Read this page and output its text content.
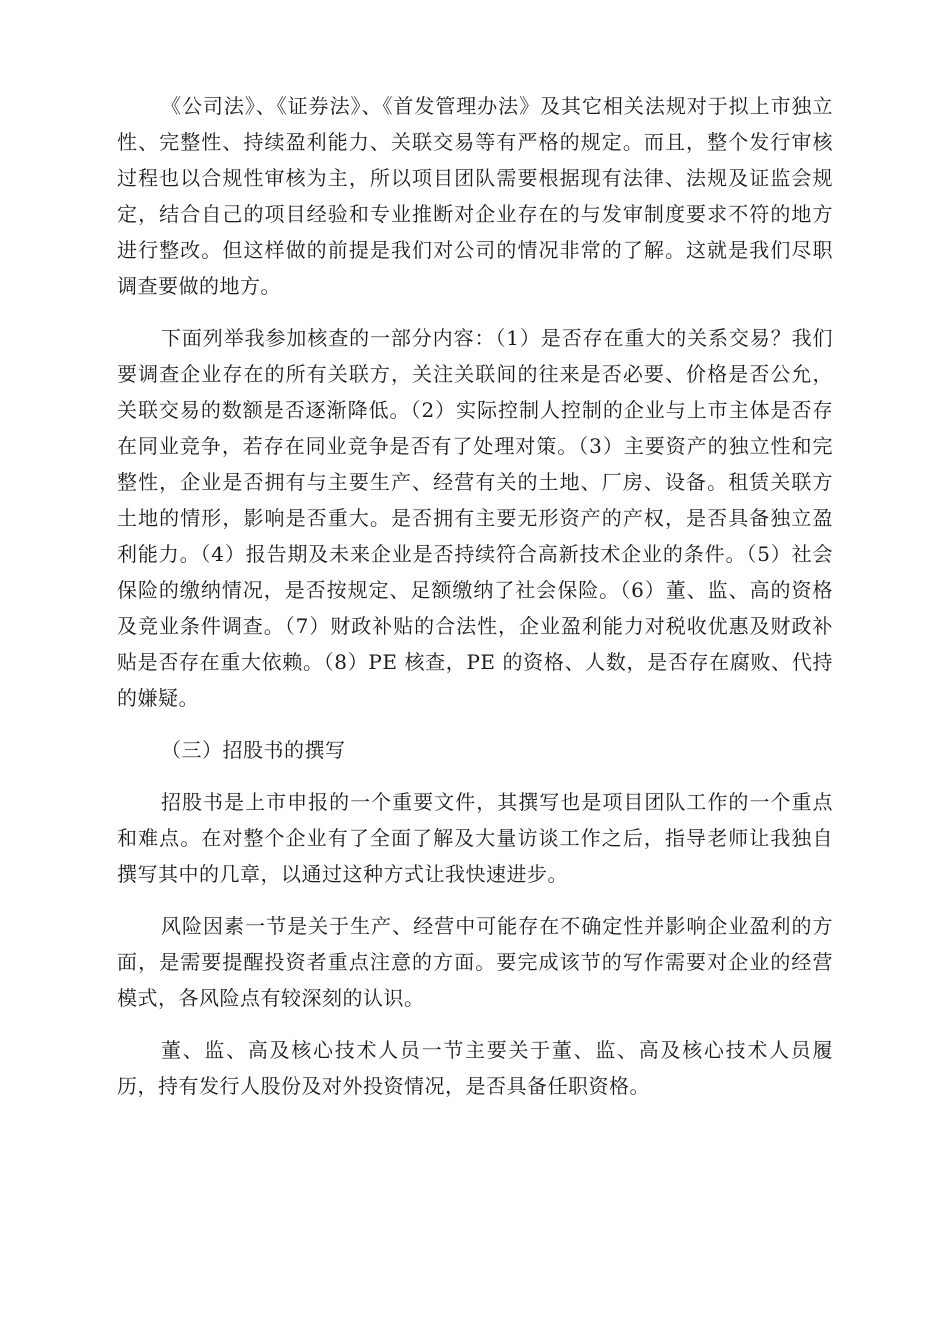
《公司法》、《证券法》、《首发管理办法》及其它相关法规对于拟上市独立性、完整性、持续盈利能力、关联交易等有严格的规定。而且，整个发行审核过程也以合规性审核为主，所以项目团队需要根据现有法律、法规及证监会规定，结合自己的项目经验和专业推断对企业存在的与发审制度要求不符的地方进行整改。但这样做的前提是我们对公司的情况非常的了解。这就是我们尽职调查要做的地方。

下面列举我参加核查的一部分内容：（1）是否存在重大的关系交易？我们要调查企业存在的所有关联方，关注关联间的往来是否必要、价格是否公允，关联交易的数额是否逐渐降低。（2）实际控制人控制的企业与上市主体是否存在同业竞争，若存在同业竞争是否有了处理对策。（3）主要资产的独立性和完整性，企业是否拥有与主要生产、经营有关的土地、厂房、设备。租赁关联方土地的情形，影响是否重大。是否拥有主要无形资产的产权，是否具备独立盈利能力。（4）报告期及未来企业是否持续符合高新技术企业的条件。（5）社会保险的缴纳情况，是否按规定、足额缴纳了社会保险。（6）董、监、高的资格及竞业条件调查。（7）财政补贴的合法性，企业盈利能力对税收优惠及财政补贴是否存在重大依赖。（8）PE 核查，PE 的资格、人数，是否存在腐败、代持的嫌疑。

（三）招股书的撰写

招股书是上市申报的一个重要文件，其撰写也是项目团队工作的一个重点和难点。在对整个企业有了全面了解及大量访谈工作之后，指导老师让我独自撰写其中的几章，以通过这种方式让我快速进步。

风险因素一节是关于生产、经营中可能存在不确定性并影响企业盈利的方面，是需要提醒投资者重点注意的方面。要完成该节的写作需要对企业的经营模式，各风险点有较深刻的认识。

董、监、高及核心技术人员一节主要关于董、监、高及核心技术人员履历，持有发行人股份及对外投资情况，是否具备任职资格。
